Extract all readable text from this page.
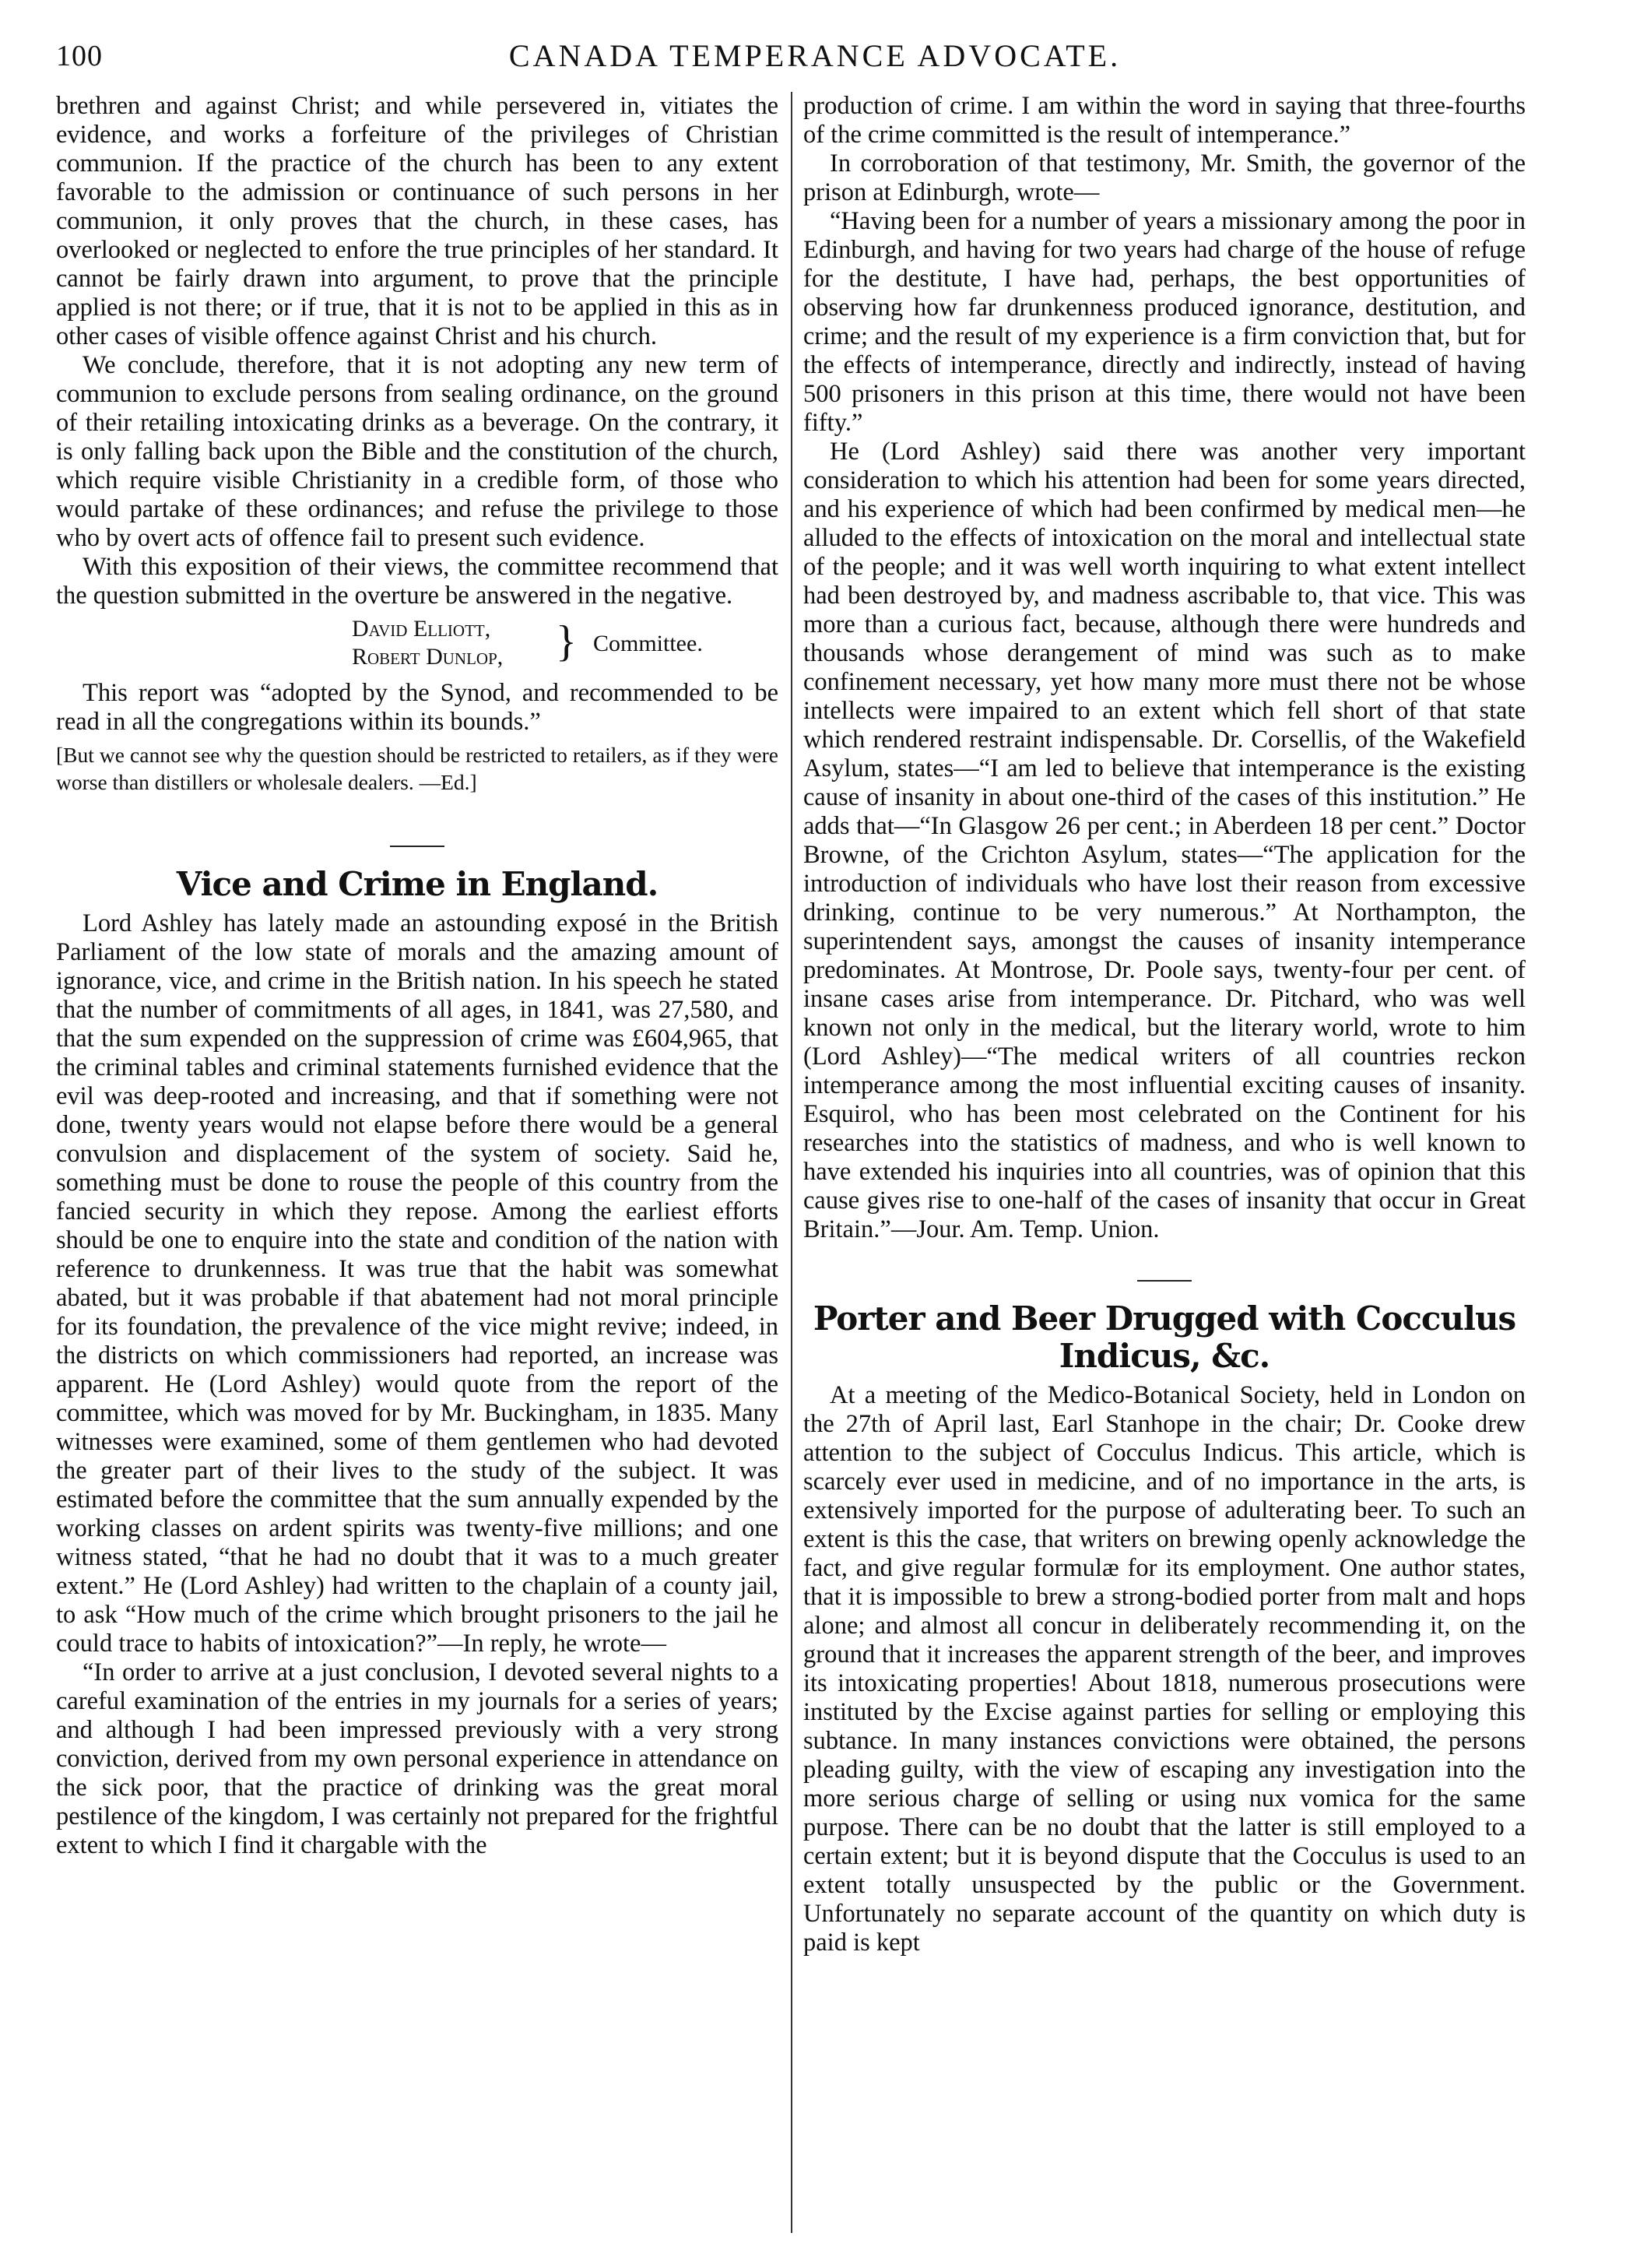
100	CANADA TEMPERANCE ADVOCATE.

brethren and against Christ; and while persevered in, vitiates the evidence, and works a forfeiture of the privileges of Christian communion. If the practice of the church has been to any extent favorable to the admission or continuance of such persons in her communion, it only proves that the church, in these cases, has overlooked or neglected to enfore the true principles of her standard. It cannot be fairly drawn into argument, to prove that the principle applied is not there; or if true, that it is not to be applied in this as in other cases of visible offence against Christ and his church.

We conclude, therefore, that it is not adopting any new term of communion to exclude persons from sealing ordinance, on the ground of their retailing intoxicating drinks as a beverage. On the contrary, it is only falling back upon the Bible and the constitution of the church, which require visible Christianity in a credible form, of those who would partake of these ordinances; and refuse the privilege to those who by overt acts of offence fail to present such evidence.

With this exposition of their views, the committee recommend that the question submitted in the overture be answered in the negative.

David Elliott,
Robert Dunlop, } Committee.

This report was “adopted by the Synod, and recommended to be read in all the congregations within its bounds.”

[But we cannot see why the question should be restricted to retailers, as if they were worse than distillers or wholesale dealers. —Ed.]

Vice and Crime in England.

Lord Ashley has lately made an astounding exposé in the British Parliament of the low state of morals and the amazing amount of ignorance, vice, and crime in the British nation. In his speech he stated that the number of commitments of all ages, in 1841, was 27,580, and that the sum expended on the suppression of crime was £604,965, that the criminal tables and criminal statements furnished evidence that the evil was deep-rooted and increasing, and that if something were not done, twenty years would not elapse before there would be a general convulsion and displacement of the system of society. Said he, something must be done to rouse the people of this country from the fancied security in which they repose. Among the earliest efforts should be one to enquire into the state and condition of the nation with reference to drunkenness. It was true that the habit was somewhat abated, but it was probable if that abatement had not moral principle for its foundation, the prevalence of the vice might revive; indeed, in the districts on which commissioners had reported, an increase was apparent. He (Lord Ashley) would quote from the report of the committee, which was moved for by Mr. Buckingham, in 1835. Many witnesses were examined, some of them gentlemen who had devoted the greater part of their lives to the study of the subject. It was estimated before the committee that the sum annually expended by the working classes on ardent spirits was twenty-five millions; and one witness stated, “that he had no doubt that it was to a much greater extent.” He (Lord Ashley) had written to the chaplain of a county jail, to ask “How much of the crime which brought prisoners to the jail he could trace to habits of intoxication?”—In reply, he wrote—

“In order to arrive at a just conclusion, I devoted several nights to a careful examination of the entries in my journals for a series of years; and although I had been impressed previously with a very strong conviction, derived from my own personal experience in attendance on the sick poor, that the practice of drinking was the great moral pestilence of the kingdom, I was certainly not prepared for the frightful extent to which I find it chargable with the

production of crime. I am within the word in saying that three-fourths of the crime committed is the result of intemperance.”

In corroboration of that testimony, Mr. Smith, the governor of the prison at Edinburgh, wrote—

“Having been for a number of years a missionary among the poor in Edinburgh, and having for two years had charge of the house of refuge for the destitute, I have had, perhaps, the best opportunities of observing how far drunkenness produced ignorance, destitution, and crime; and the result of my experience is a firm conviction that, but for the effects of intemperance, directly and indirectly, instead of having 500 prisoners in this prison at this time, there would not have been fifty.”

He (Lord Ashley) said there was another very important consideration to which his attention had been for some years directed, and his experience of which had been confirmed by medical men—he alluded to the effects of intoxication on the moral and intellectual state of the people; and it was well worth inquiring to what extent intellect had been destroyed by, and madness ascribable to, that vice. This was more than a curious fact, because, although there were hundreds and thousands whose derangement of mind was such as to make confinement necessary, yet how many more must there not be whose intellects were impaired to an extent which fell short of that state which rendered restraint indispensable. Dr. Corsellis, of the Wakefield Asylum, states—“I am led to believe that intemperance is the existing cause of insanity in about one-third of the cases of this institution.” He adds that—“In Glasgow 26 per cent.; in Aberdeen 18 per cent.” Doctor Browne, of the Crichton Asylum, states—“The application for the introduction of individuals who have lost their reason from excessive drinking, continue to be very numerous.” At Northampton, the superintendent says, amongst the causes of insanity intemperance predominates. At Montrose, Dr. Poole says, twenty-four per cent. of insane cases arise from intemperance. Dr. Pitchard, who was well known not only in the medical, but the literary world, wrote to him (Lord Ashley)—“The medical writers of all countries reckon intemperance among the most influential exciting causes of insanity. Esquirol, who has been most celebrated on the Continent for his researches into the statistics of madness, and who is well known to have extended his inquiries into all countries, was of opinion that this cause gives rise to one-half of the cases of insanity that occur in Great Britain.”—Jour. Am. Temp. Union.

Porter and Beer Drugged with Cocculus Indicus, &c.

At a meeting of the Medico-Botanical Society, held in London on the 27th of April last, Earl Stanhope in the chair; Dr. Cooke drew attention to the subject of Cocculus Indicus. This article, which is scarcely ever used in medicine, and of no importance in the arts, is extensively imported for the purpose of adulterating beer. To such an extent is this the case, that writers on brewing openly acknowledge the fact, and give regular formulæ for its employment. One author states, that it is impossible to brew a strong-bodied porter from malt and hops alone; and almost all concur in deliberately recommending it, on the ground that it increases the apparent strength of the beer, and improves its intoxicating properties! About 1818, numerous prosecutions were instituted by the Excise against parties for selling or employing this subtance. In many instances convictions were obtained, the persons pleading guilty, with the view of escaping any investigation into the more serious charge of selling or using nux vomica for the same purpose. There can be no doubt that the latter is still employed to a certain extent; but it is beyond dispute that the Cocculus is used to an extent totally unsuspected by the public or the Government. Unfortunately no separate account of the quantity on which duty is paid is kept
